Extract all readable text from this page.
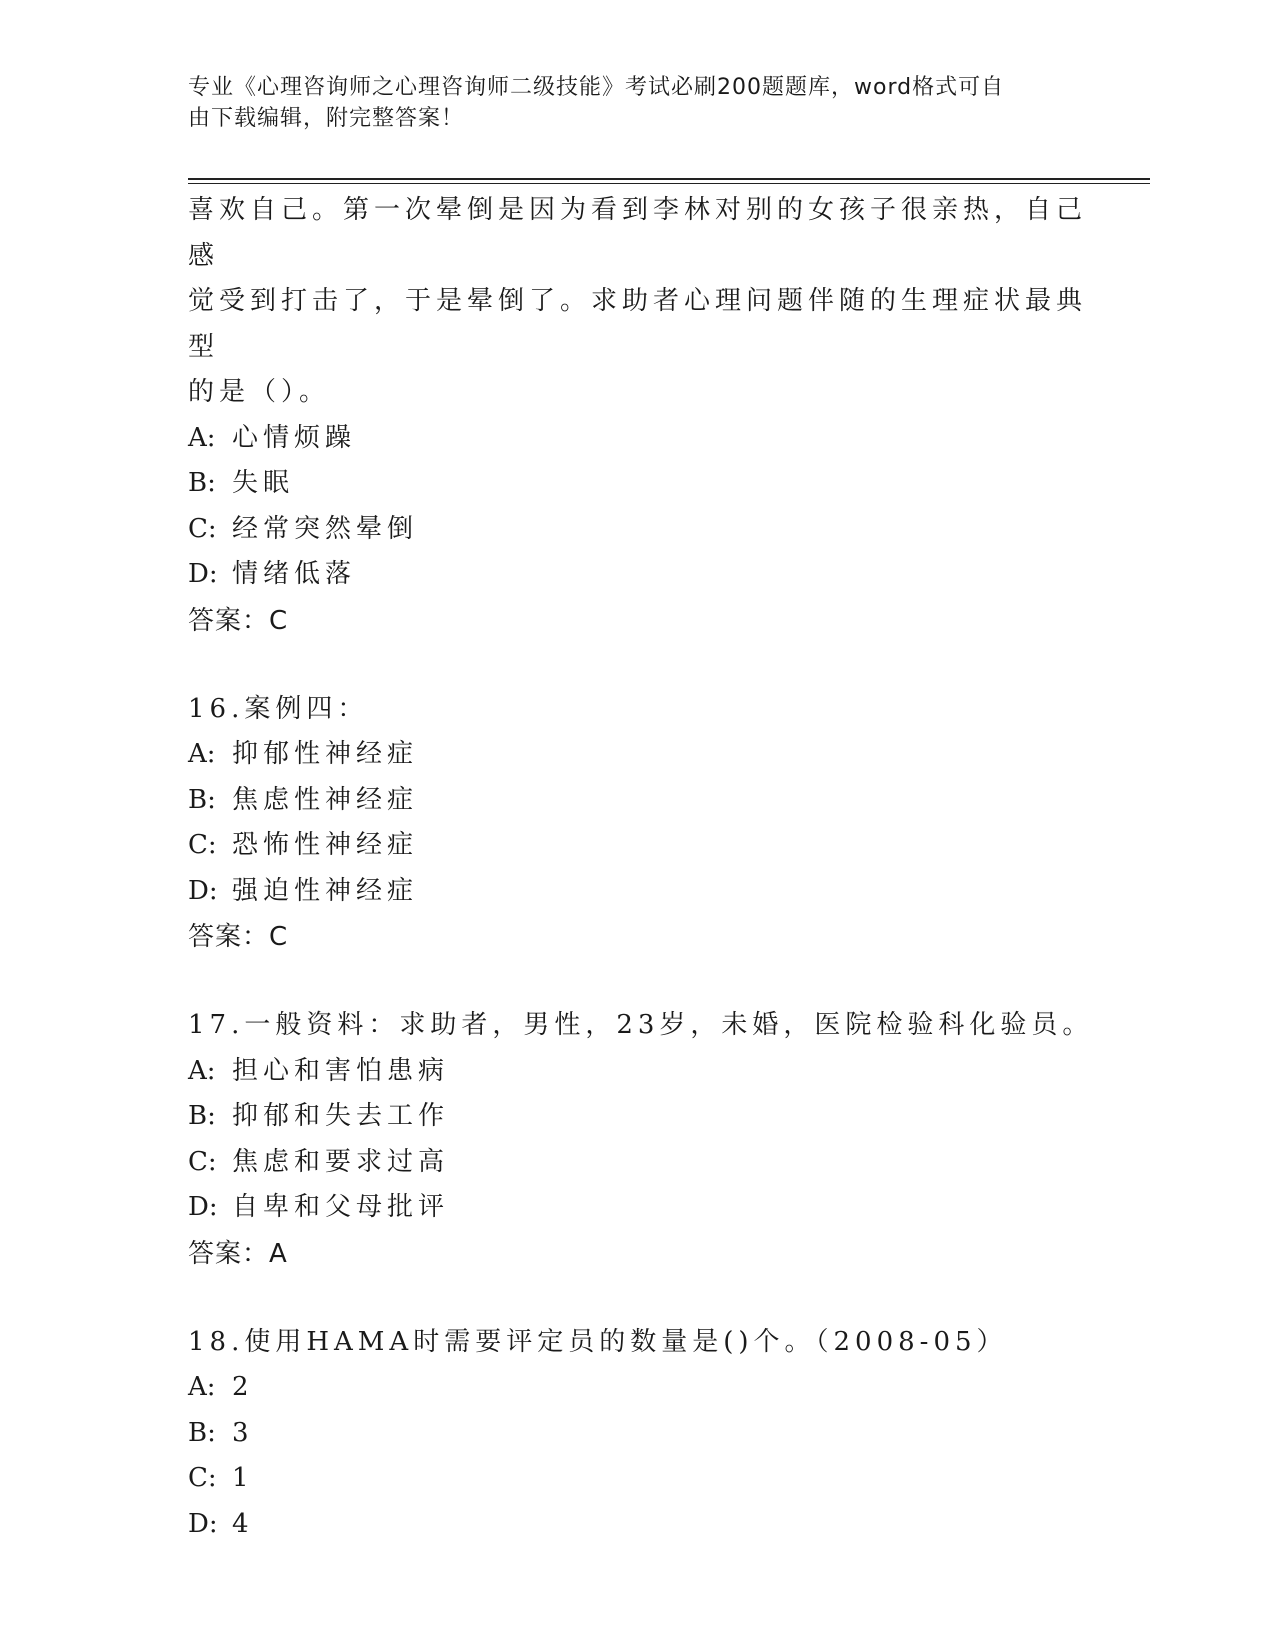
专业《心理咨询师之心理咨询师二级技能》考试必刷200题题库，word格式可自
由下载编辑，附完整答案！
喜欢自己。第一次晕倒是因为看到李林对别的女孩子很亲热，自己感
觉受到打击了，于是晕倒了。求助者心理问题伴随的生理症状最典型
的是（）。
A: 心情烦躁
B: 失眠
C: 经常突然晕倒
D: 情绪低落
答案：C
16.案例四：
A: 抑郁性神经症
B: 焦虑性神经症
C: 恐怖性神经症
D: 强迫性神经症
答案：C
17.一般资料：求助者，男性，23岁，未婚，医院检验科化验员。
A: 担心和害怕患病
B: 抑郁和失去工作
C: 焦虑和要求过高
D: 自卑和父母批评
答案：A
18.使用HAMA时需要评定员的数量是()个。（2008-05）
A: 2
B: 3
C: 1
D: 4
